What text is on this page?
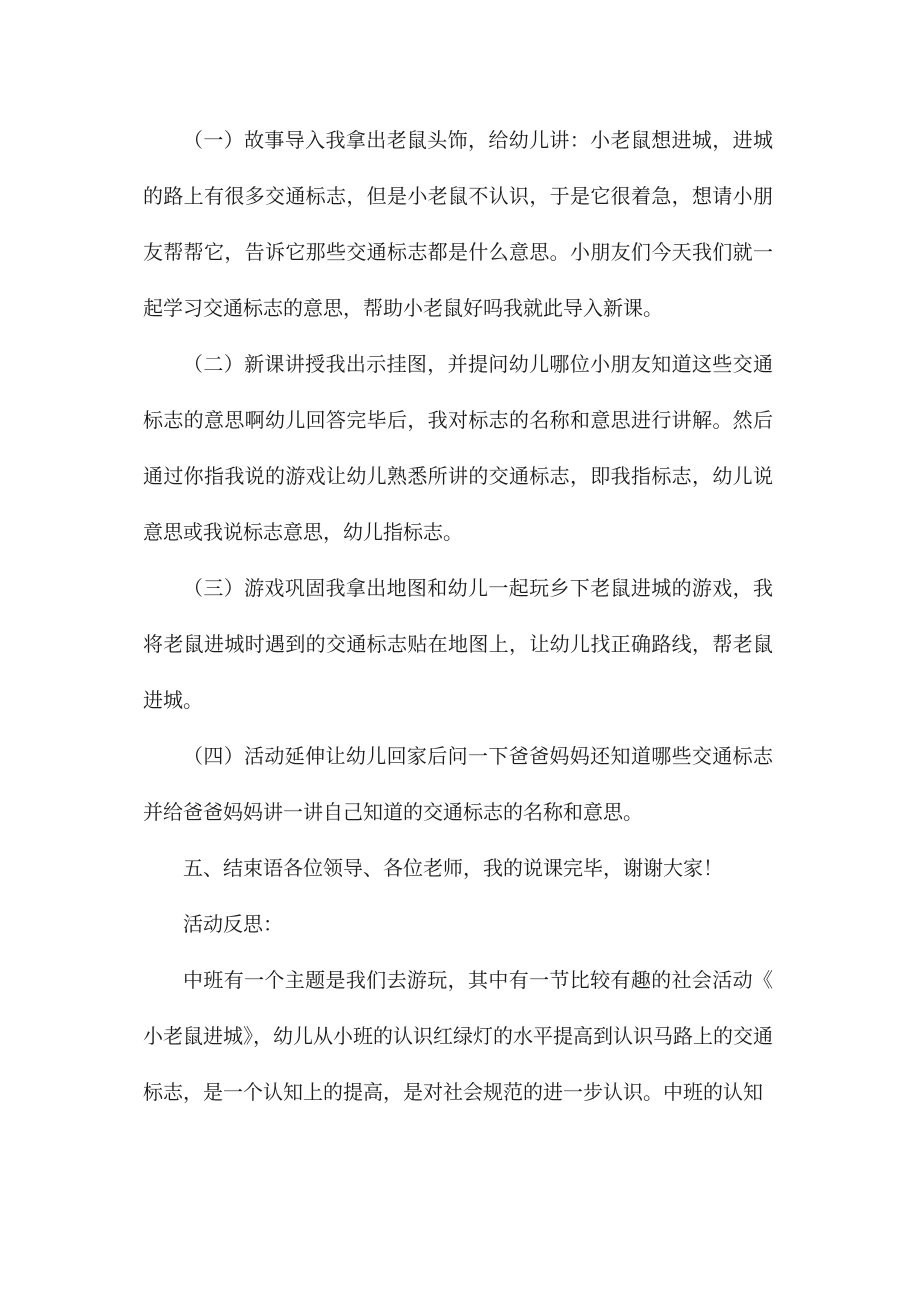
（一）故事导入我拿出老鼠头饰，给幼儿讲：小老鼠想进城，进城的路上有很多交通标志，但是小老鼠不认识，于是它很着急，想请小朋友帮帮它，告诉它那些交通标志都是什么意思。小朋友们今天我们就一起学习交通标志的意思，帮助小老鼠好吗我就此导入新课。

（二）新课讲授我出示挂图，并提问幼儿哪位小朋友知道这些交通标志的意思啊幼儿回答完毕后，我对标志的名称和意思进行讲解。然后通过你指我说的游戏让幼儿熟悉所讲的交通标志，即我指标志，幼儿说意思或我说标志意思，幼儿指标志。

（三）游戏巩固我拿出地图和幼儿一起玩乡下老鼠进城的游戏，我将老鼠进城时遇到的交通标志贴在地图上，让幼儿找正确路线，帮老鼠进城。

（四）活动延伸让幼儿回家后问一下爸爸妈妈还知道哪些交通标志并给爸爸妈妈讲一讲自己知道的交通标志的名称和意思。

五、结束语各位领导、各位老师，我的说课完毕，谢谢大家！

活动反思：

中班有一个主题是我们去游玩，其中有一节比较有趣的社会活动《小老鼠进城》，幼儿从小班的认识红绿灯的水平提高到认识马路上的交通标志，是一个认知上的提高，是对社会规范的进一步认识。中班的认知
